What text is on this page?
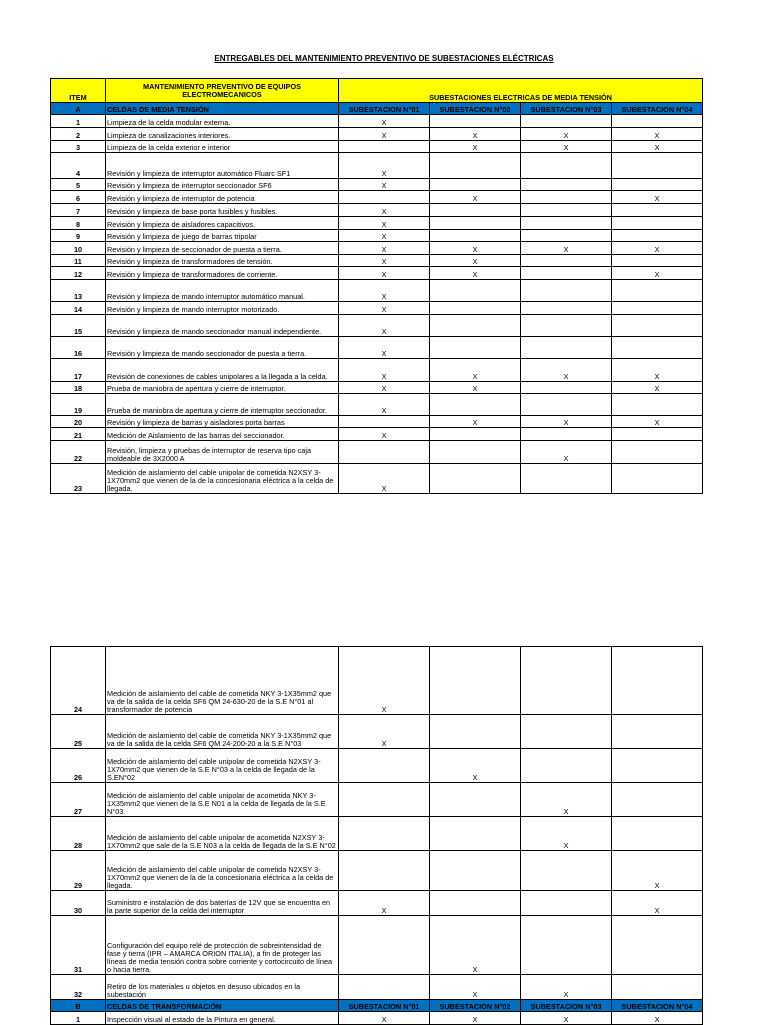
ENTREGABLES DEL MANTENIMIENTO PREVENTIVO DE SUBESTACIONES ELÉCTRICAS
ITEM	MANTENIMIENTO PREVENTIVO DE EQUIPOS ELECTROMECANICOS	SUBESTACIONES ELECTRICAS DE MEDIA TENSIÓN			
A	CELDAS DE MEDIA TENSIÓN	SUBESTACION N°01	SUBESTACION N°02	SUBESTACION N°03	SUBESTACION N°04
1	Limpieza de la celda modular externa.	X			
2	Limpieza de canalizaciones interiores.	X	X	X	X
3	Limpieza de la celda exterior e interior		X	X	X
4	Revisión y limpieza de interruptor automático Fluarc SF1	X			
5	Revisión y limpieza de interruptor seccionador SF6	X			
6	Revisión y limpieza de interruptor de potencia		X		X
7	Revisión y limpieza de base porta fusibles y fusibles.	X			
8	Revisión y limpieza de aisladores capacitivos.	X			
9	Revisión y limpieza de juego de barras tripolar	X			
10	Revisión y limpieza de seccionador de puesta a tierra.	X	X	X	X
11	Revisión y limpieza de transformadores de tensión.	X	X		
12	Revisión y limpieza de transformadores de corriente.	X	X		X
13	Revisión y limpieza de mando interruptor automático manual.	X			
14	Revisión y limpieza de mando interruptor motorizado.	X			
15	Revisión y limpieza de mando seccionador manual independiente.	X			
16	Revisión y limpieza de mando seccionador de puesta a tierra.	X			
17	Revisión de conexiones de cables unipolares a la llegada a la celda.	X	X	X	X
18	Prueba de maniobra de apertura y cierre de interruptor.	X	X		X
19	Prueba de maniobra de apertura y cierre de interruptor seccionador.	X			
20	Revisión y limpieza de barras y aisladores porta barras		X	X	X
21	Medición de Aislamiento de las barras del seccionador.	X			
22	Revisión, limpieza y pruebas de interruptor de reserva tipo caja moldeable de 3X2000 A			X	
23	Medición de aislamiento del cable unipolar de cometida N2XSY 3-1X70mm2 que vienen de la de la concesionaria eléctrica a la celda de llegada.	X			
24	Medición de aislamiento del cable de cometida NKY 3-1X35mm2 que va de la salida de la celda SF6 QM 24-630-20 de la S.E N°01 al transformador de potencia	X			
25	Medición de aislamiento del cable de cometida NKY 3-1X35mm2 que va de la salida de la celda SF6 QM 24-200-20 a la S.E N°03	X			
26	Medición de aislamiento del cable unipolar de cometida N2XSY 3-1X70mm2 que vienen de la S.E N°03 a la celda de llegada de la S.EN°02		X		
27	Medición de aislamiento del cable unipolar de acometida NKY 3-1X35mm2 que vienen de la S.E N01 a la celda de llegada de la S.E N°03.			X	
28	Medición de aislamiento del cable unipolar de acometida N2XSY 3-1X70mm2 que sale de la S.E N03 a la celda de llegada de la S.E N°02			X	
29	Medición de aislamiento del cable unipolar de cometida N2XSY 3-1X70mm2 que vienen de la de la concesionaria eléctrica a la celda de llegada.				X
30	Suministro e instalación de dos baterías de 12V que se encuentra en la parte superior de la celda del interruptor	X			X
31	Configuración del equipo relé de protección de sobreintensidad de fase y tierra (IPR – AMARCA ORION ITALIA), a fin de proteger las líneas de media tensión contra sobre corriente y cortocircuito de línea o hacia tierra.		X		
32	Retiro de los materiales u objetos en desuso ubicados en la subestación		X	X	
B	CELDAS DE TRANSFORMACIÓN	SUBESTACION N°01	SUBESTACION N°02	SUBESTACION N°03	SUBESTACION N°04
1	Inspección visual al estado de la Pintura en general.	X	X	X	X
